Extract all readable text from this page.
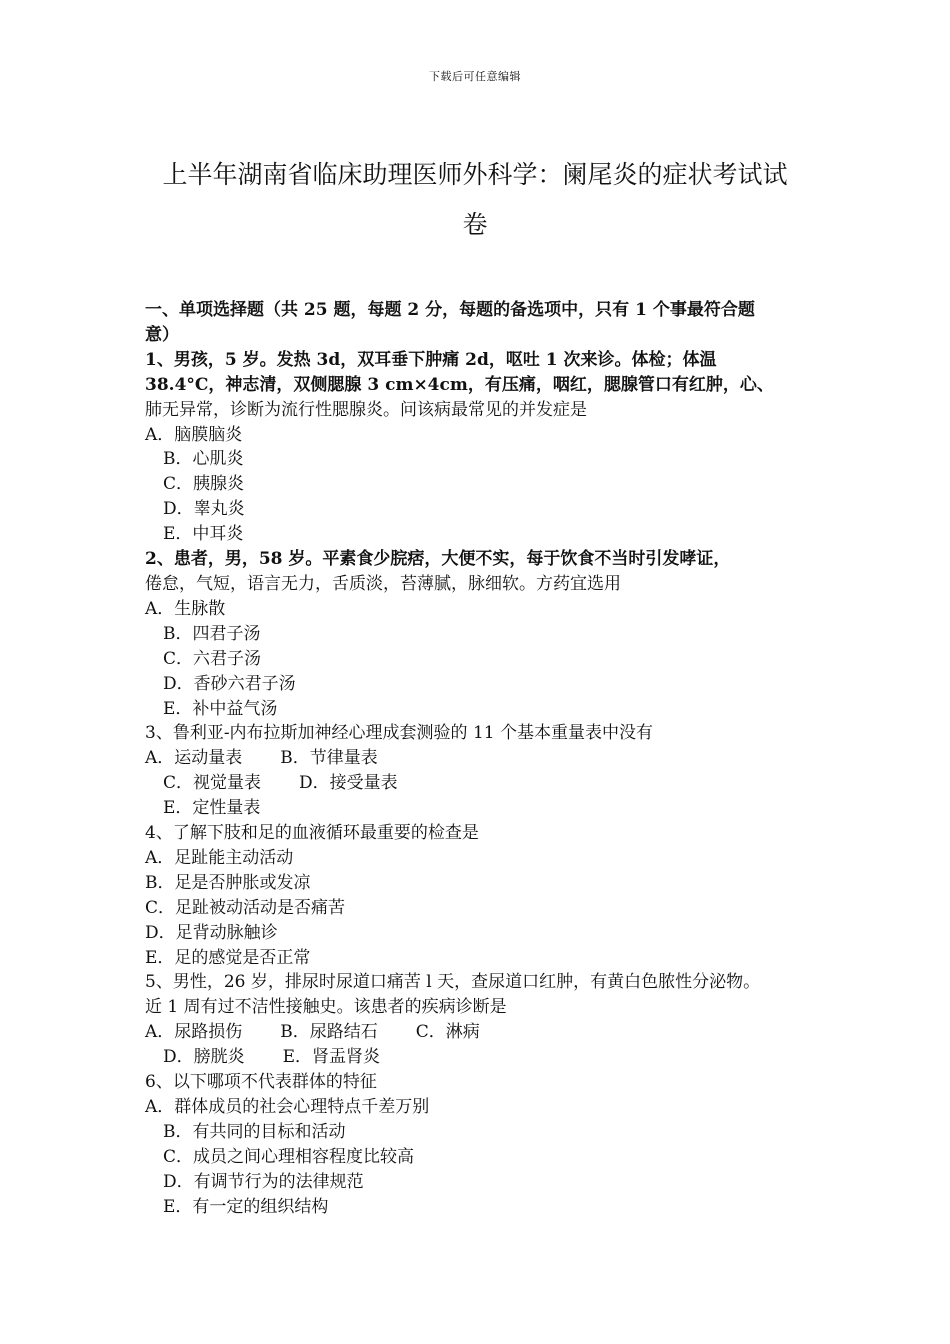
下载后可任意编辑
上半年湖南省临床助理医师外科学：阑尾炎的症状考试试
卷
一、单项选择题（共 25 题，每题 2 分，每题的备选项中，只有 1 个事最符合题
意）
1、男孩，5 岁。发热 3d，双耳垂下肿痛 2d，呕吐 1 次来诊。体检；体温
38.4°C，神志清，双侧腮腺 3 cm×4cm，有压痛，咽红，腮腺管口有红肿，心、
肺无异常，诊断为流行性腮腺炎。问该病最常见的并发症是
A．脑膜脑炎
B．心肌炎
C．胰腺炎
D．睾丸炎
E．中耳炎
2、患者，男，58 岁。平素食少脘痞，大便不实，每于饮食不当时引发哮证，
倦怠，气短，语言无力，舌质淡，苔薄腻，脉细软。方药宜选用
A．生脉散
B．四君子汤
C．六君子汤
D．香砂六君子汤
E．补中益气汤
3、鲁利亚-内布拉斯加神经心理成套测验的 11 个基本重量表中没有
A．运动量表 B．节律量表
C．视觉量表 D．接受量表
E．定性量表
4、了解下肢和足的血液循环最重要的检查是
A．足趾能主动活动
B．足是否肿胀或发凉
C．足趾被动活动是否痛苦
D．足背动脉触诊
E．足的感觉是否正常
5、男性，26 岁，排尿时尿道口痛苦 l 天，查尿道口红肿，有黄白色脓性分泌物。
近 1 周有过不洁性接触史。该患者的疾病诊断是
A．尿路损伤 B．尿路结石 C．淋病
D．膀胱炎 E．肾盂肾炎
6、以下哪项不代表群体的特征
A．群体成员的社会心理特点千差万别
B．有共同的目标和活动
C．成员之间心理相容程度比较高
D．有调节行为的法律规范
E．有一定的组织结构
